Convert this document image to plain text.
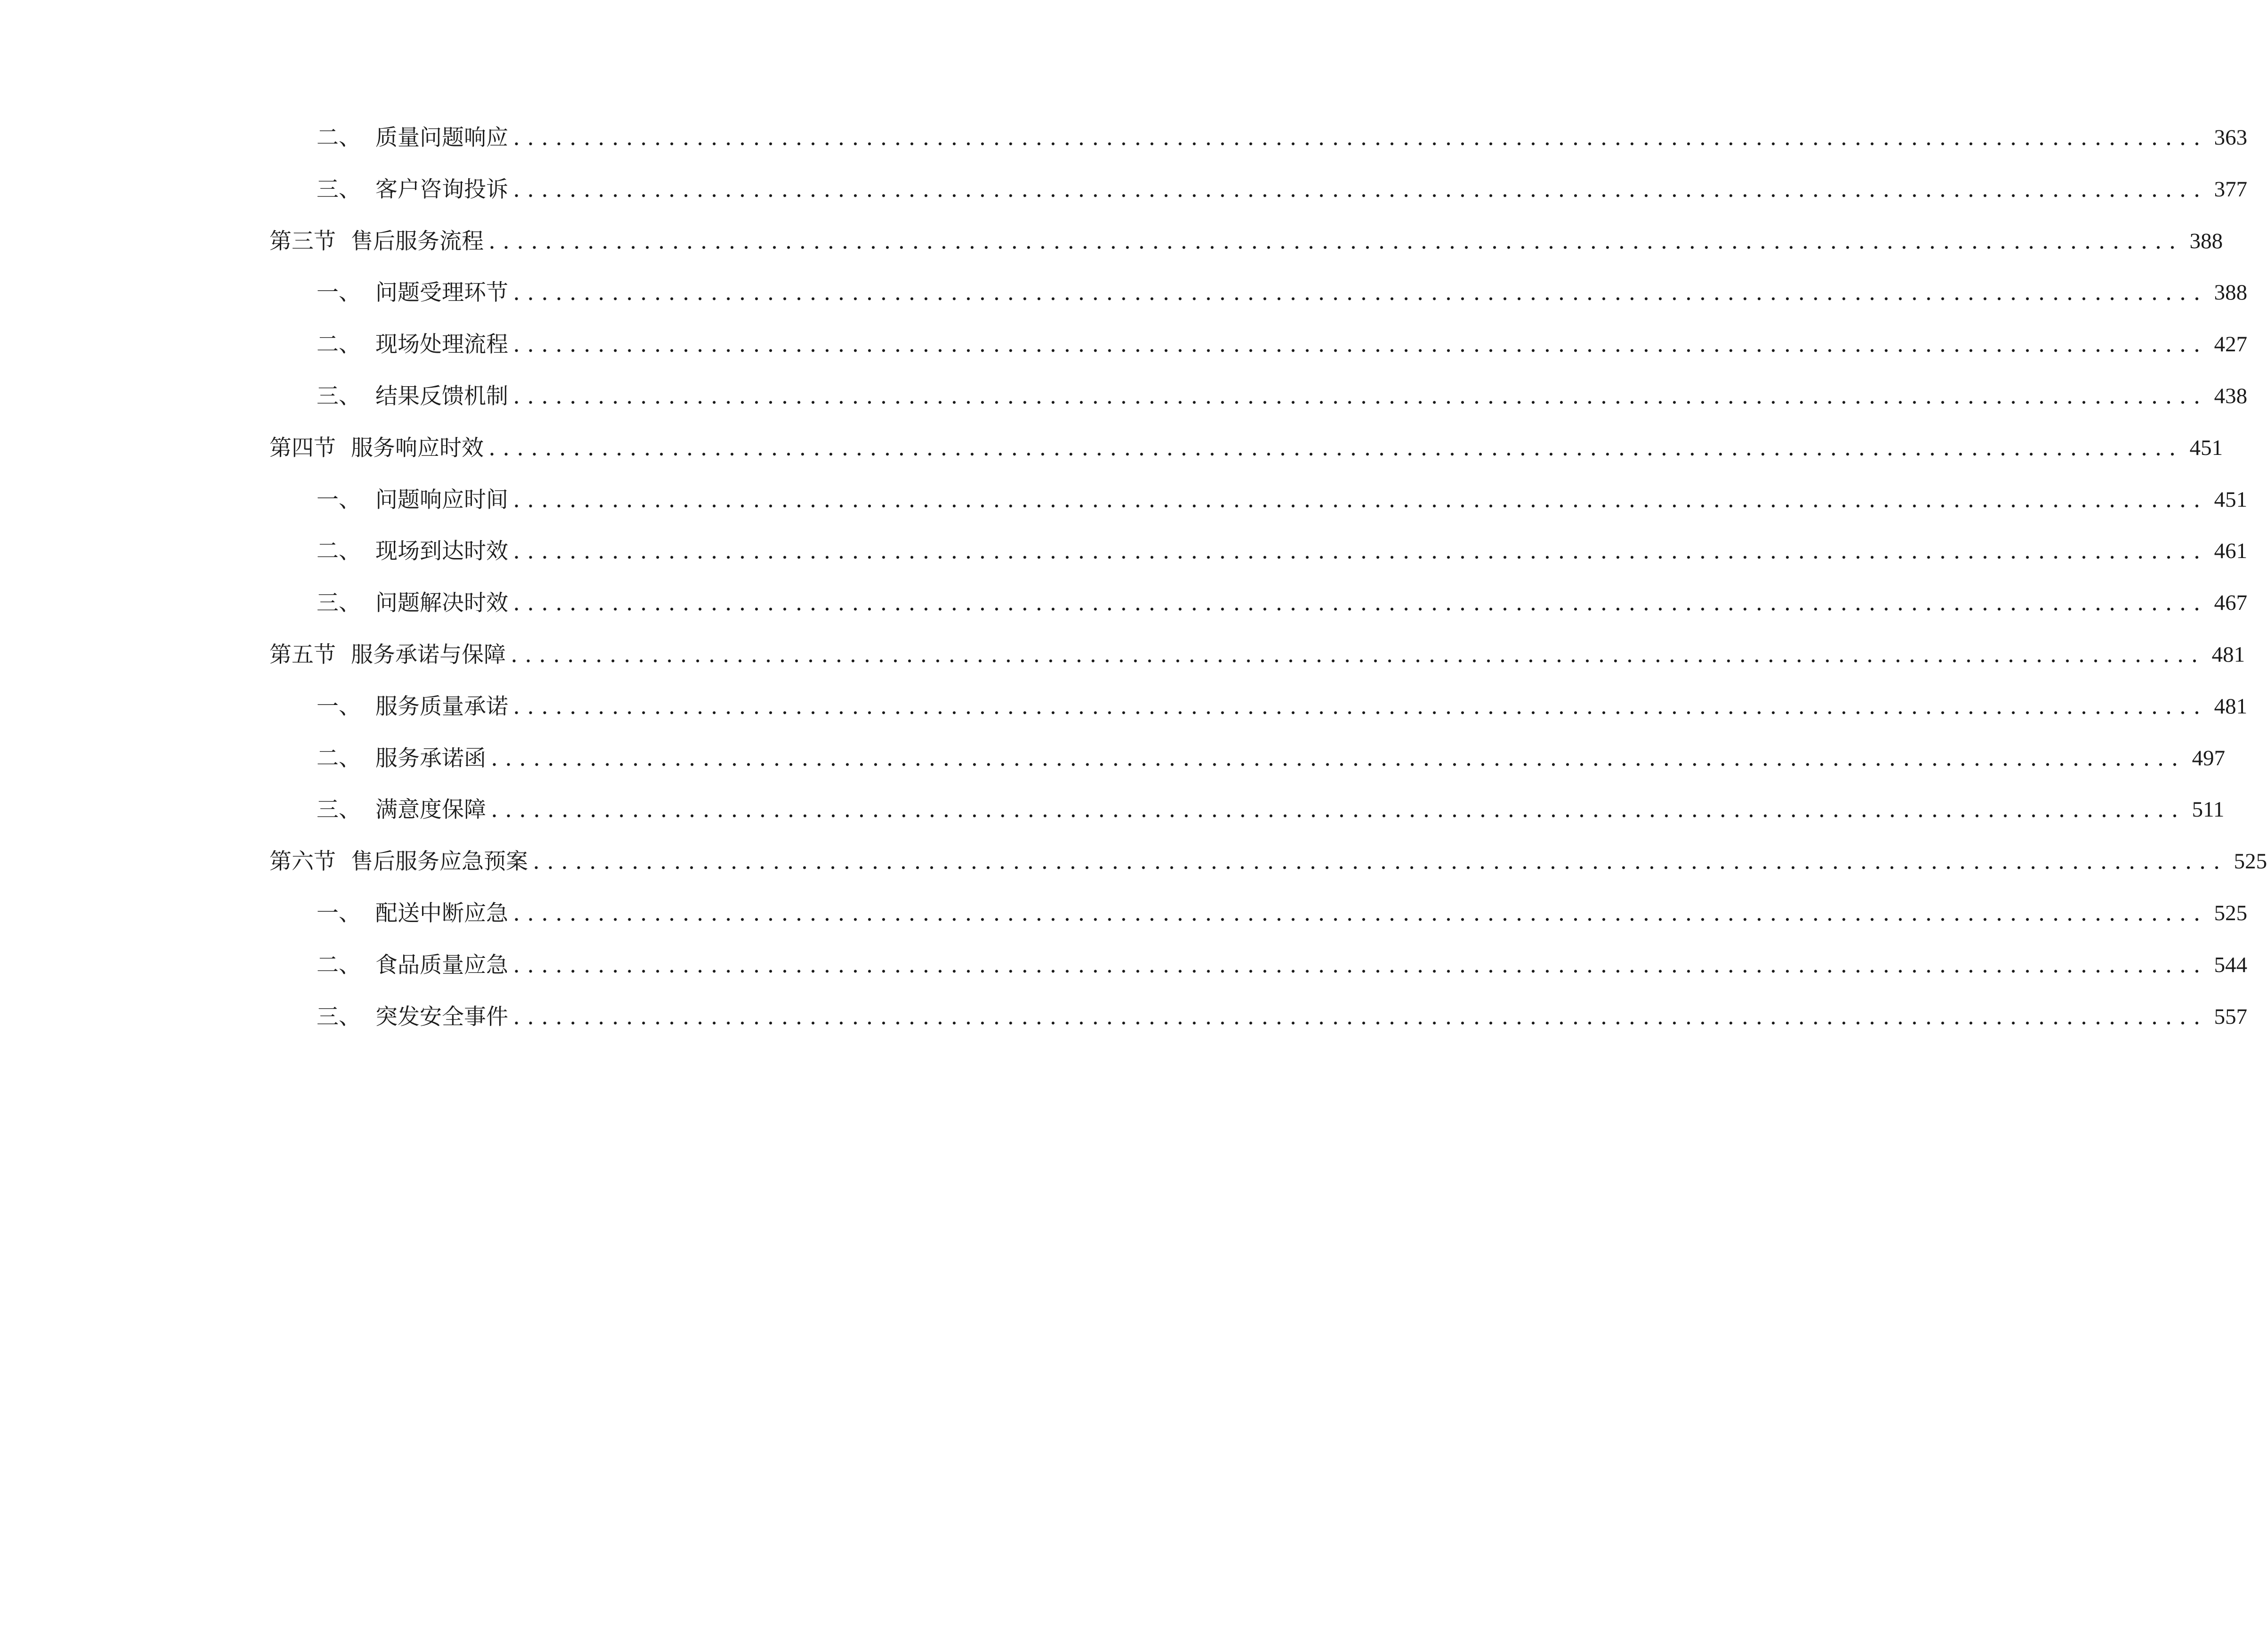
二、 质量问题响应 ........................................................................................................................ 363
三、 客户咨询投诉 ........................................................................................................................ 377
第三节 售后服务流程 ........................................................................................................................ 388
一、 问题受理环节 ........................................................................................................................ 388
二、 现场处理流程 ........................................................................................................................ 427
三、 结果反馈机制 ........................................................................................................................ 438
第四节 服务响应时效 ........................................................................................................................ 451
一、 问题响应时间 ........................................................................................................................ 451
二、 现场到达时效 ........................................................................................................................ 461
三、 问题解决时效 ........................................................................................................................ 467
第五节 服务承诺与保障 ........................................................................................................................ 481
一、 服务质量承诺 ........................................................................................................................ 481
二、 服务承诺函 ........................................................................................................................ 497
三、 满意度保障 ........................................................................................................................ 511
第六节 售后服务应急预案 ........................................................................................................................ 525
一、 配送中断应急 ........................................................................................................................ 525
二、 食品质量应急 ........................................................................................................................ 544
三、 突发安全事件 ........................................................................................................................ 557
